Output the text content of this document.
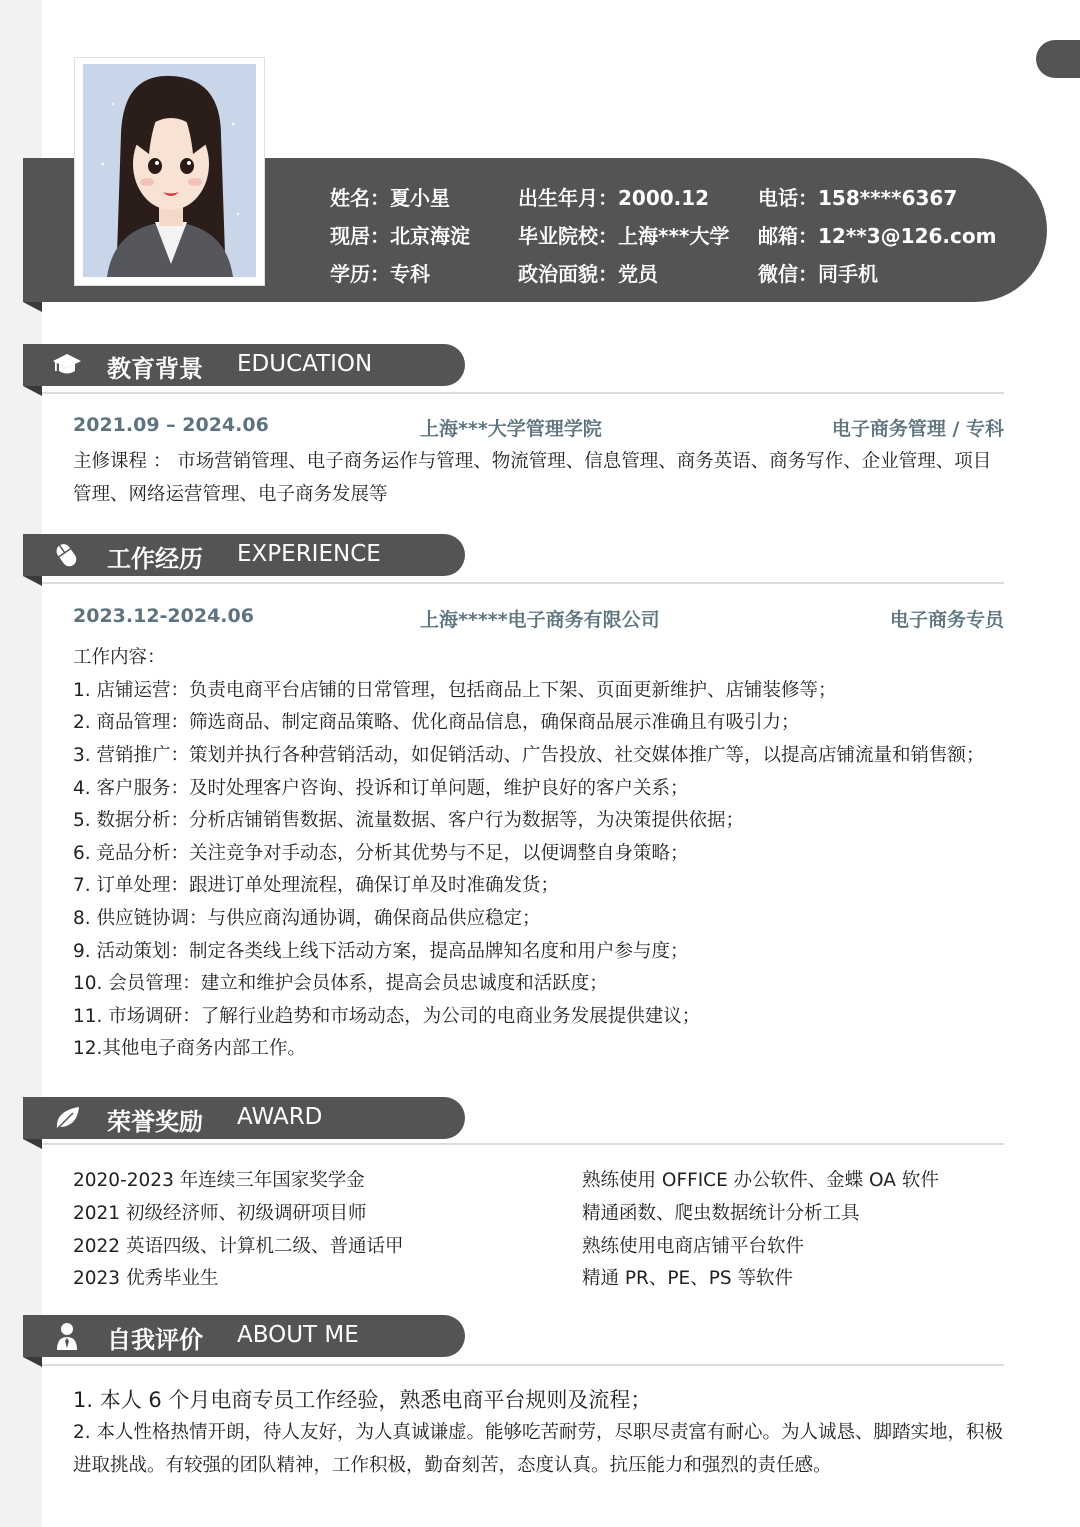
姓名：夏小星	出生年月：2000.12 电话：158****6367
现居：北京海淀 毕业院校：上海***大学 邮箱：12**3@126.com
学历：专科	政治面貌：党员	微信：同手机
教育背景 EDUCATION
2021.09 – 2024.06	上海***大学管理学院	电子商务管理 / 专科
主修课程 ： 市场营销管理、电子商务运作与管理、物流管理、信息管理、商务英语、商务写作、企业管理、项目管理、网络运营管理、电子商务发展等
工作经历 EXPERIENCE
2023.12-2024.06	上海*****电子商务有限公司	电子商务专员
工作内容：
1. 店铺运营：负责电商平台店铺的日常管理，包括商品上下架、页面更新维护、店铺装修等；
2. 商品管理：筛选商品、制定商品策略、优化商品信息，确保商品展示准确且有吸引力；
3. 营销推广：策划并执行各种营销活动，如促销活动、广告投放、社交媒体推广等，以提高店铺流量和销售额；
4. 客户服务：及时处理客户咨询、投诉和订单问题，维护良好的客户关系；
5. 数据分析：分析店铺销售数据、流量数据、客户行为数据等，为决策提供依据；
6. 竞品分析：关注竞争对手动态，分析其优势与不足，以便调整自身策略；
7. 订单处理：跟进订单处理流程，确保订单及时准确发货；
8. 供应链协调：与供应商沟通协调，确保商品供应稳定；
9. 活动策划：制定各类线上线下活动方案，提高品牌知名度和用户参与度；
10. 会员管理：建立和维护会员体系，提高会员忠诚度和活跃度；
11. 市场调研：了解行业趋势和市场动态，为公司的电商业务发展提供建议；
12.其他电子商务内部工作。
荣誉奖励 AWARD
2020-2023 年连续三年国家奖学金
2021 初级经济师、初级调研项目师
2022 英语四级、计算机二级、普通话甲
2023 优秀毕业生
熟练使用 OFFICE 办公软件、金蝶 OA 软件
精通函数、爬虫数据统计分析工具
熟练使用电商店铺平台软件
精通 PR、PE、PS 等软件
自我评价 ABOUT ME
1. 本人 6 个月电商专员工作经验，熟悉电商平台规则及流程；
2. 本人性格热情开朗，待人友好，为人真诚谦虚。能够吃苦耐劳，尽职尽责富有耐心。为人诚恳、脚踏实地，积极进取挑战。有较强的团队精神，工作积极，勤奋刻苦，态度认真。抗压能力和强烈的责任感。
